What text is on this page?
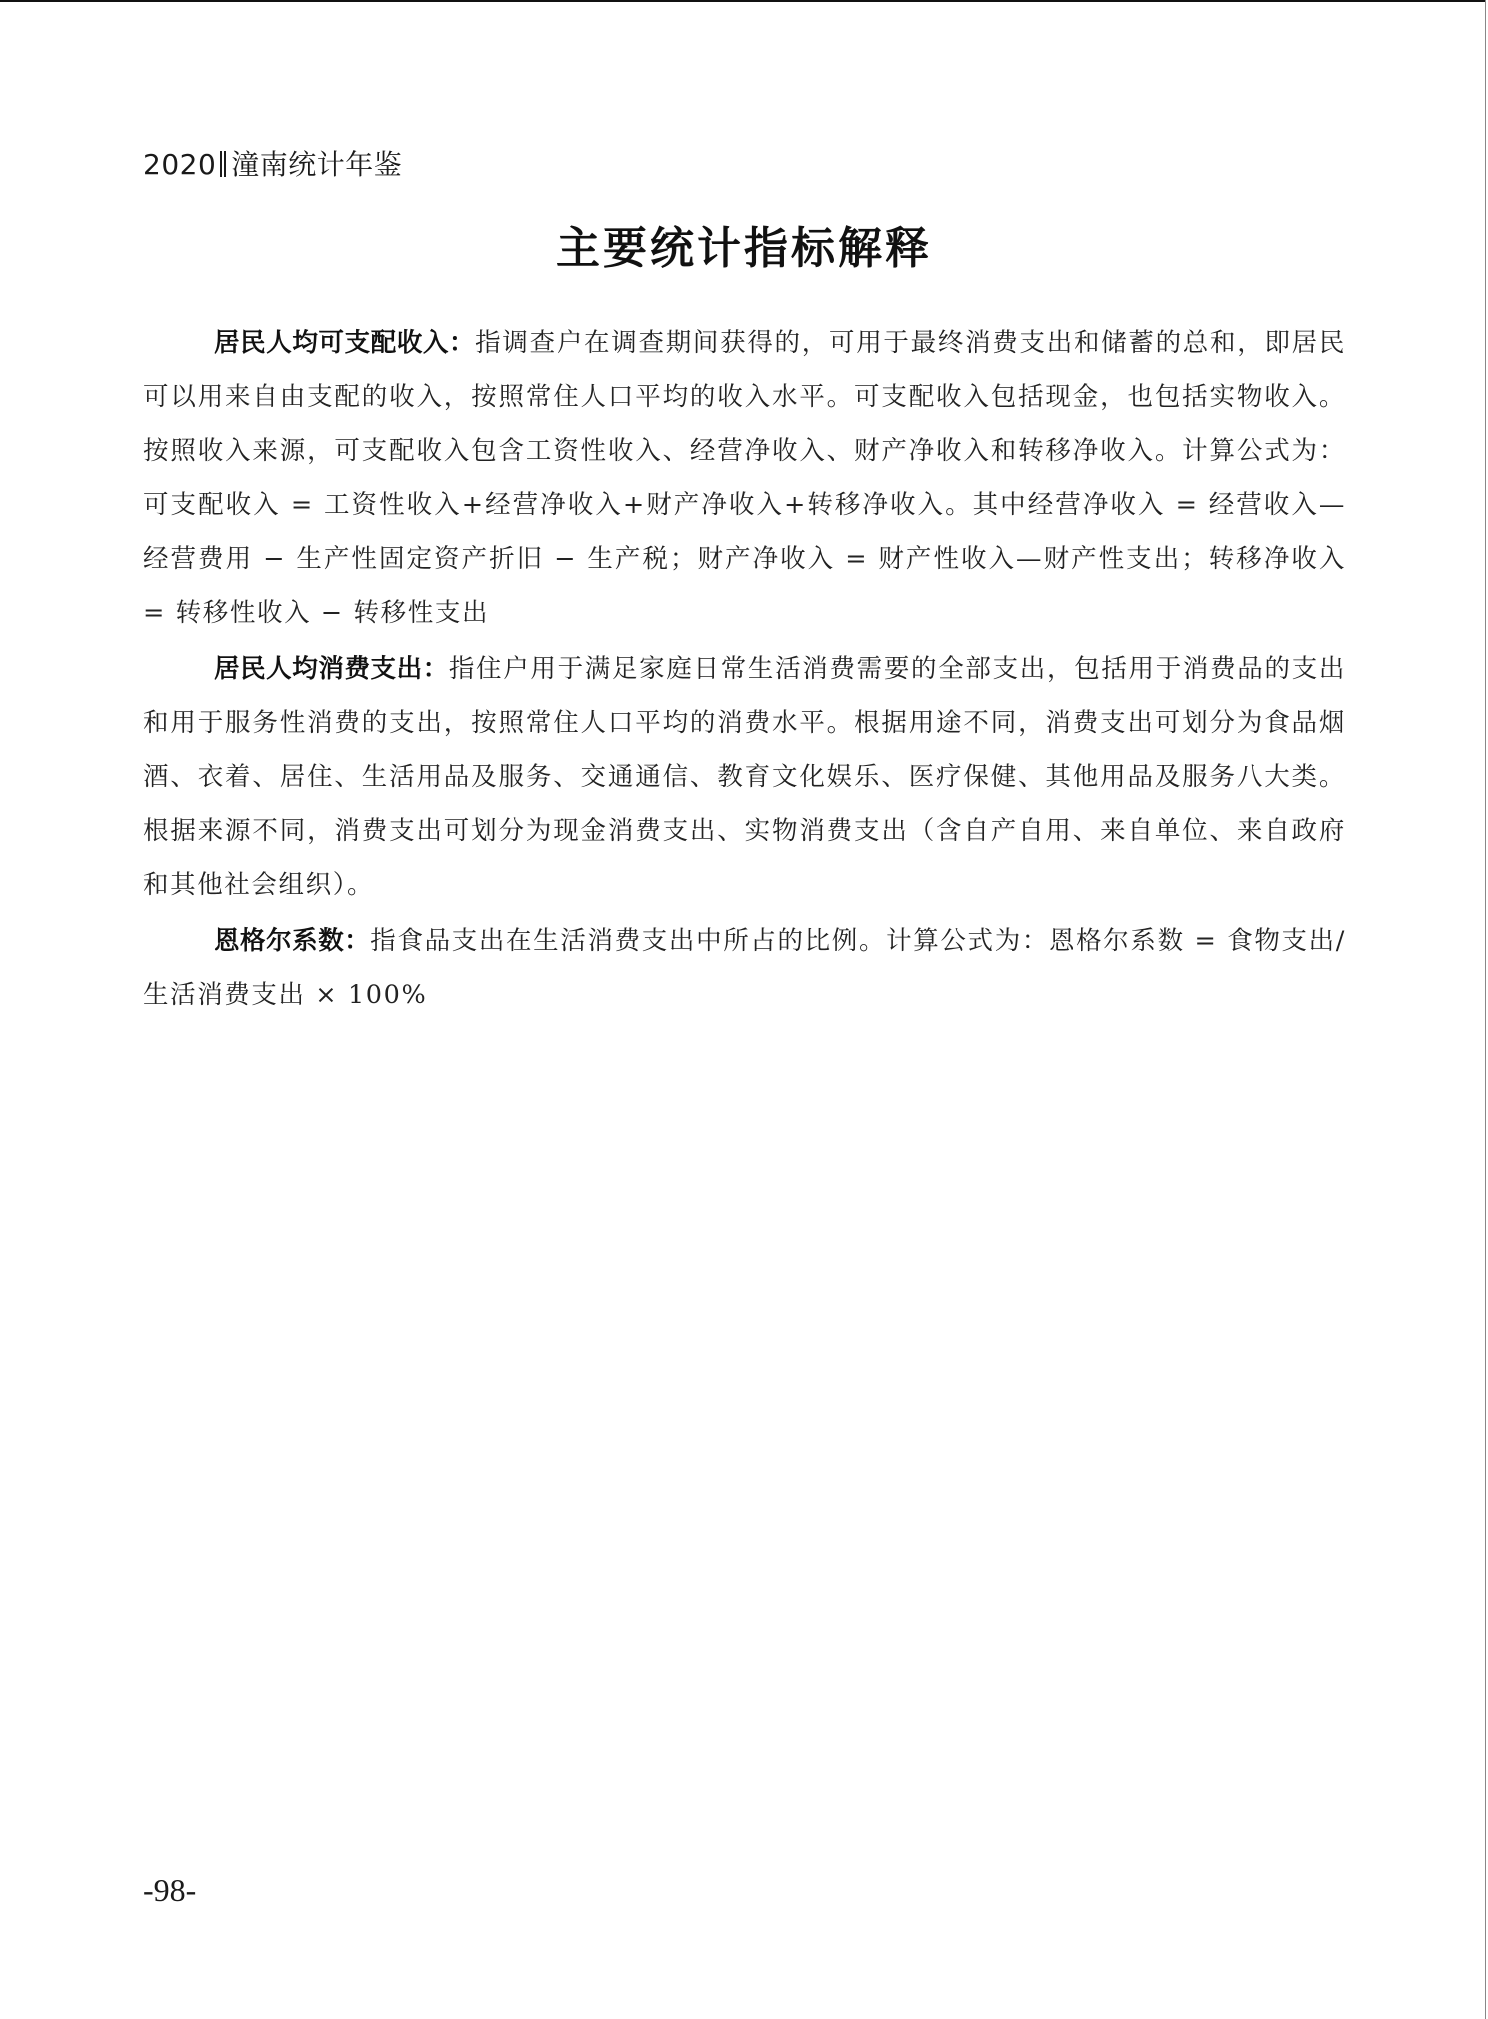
2020 潼南统计年鉴
主要统计指标解释

居民人均可支配收入：指调查户在调查期间获得的，可用于最终消费支出和储蓄的总和，即居民可以用来自由支配的收入，按照常住人口平均的收入水平。可支配收入包括现金，也包括实物收入。按照收入来源，可支配收入包含工资性收入、经营净收入、财产净收入和转移净收入。计算公式为：可支配收入 = 工资性收入+经营净收入+财产净收入+转移净收入。其中经营净收入 = 经营收入—经营费用 − 生产性固定资产折旧 − 生产税；财产净收入 = 财产性收入—财产性支出；转移净收入 = 转移性收入 − 转移性支出

居民人均消费支出：指住户用于满足家庭日常生活消费需要的全部支出，包括用于消费品的支出和用于服务性消费的支出，按照常住人口平均的消费水平。根据用途不同，消费支出可划分为食品烟酒、衣着、居住、生活用品及服务、交通通信、教育文化娱乐、医疗保健、其他用品及服务八大类。根据来源不同，消费支出可划分为现金消费支出、实物消费支出（含自产自用、来自单位、来自政府和其他社会组织）。

恩格尔系数：指食品支出在生活消费支出中所占的比例。计算公式为：恩格尔系数 = 食物支出/ 生活消费支出 × 100%

-98-
